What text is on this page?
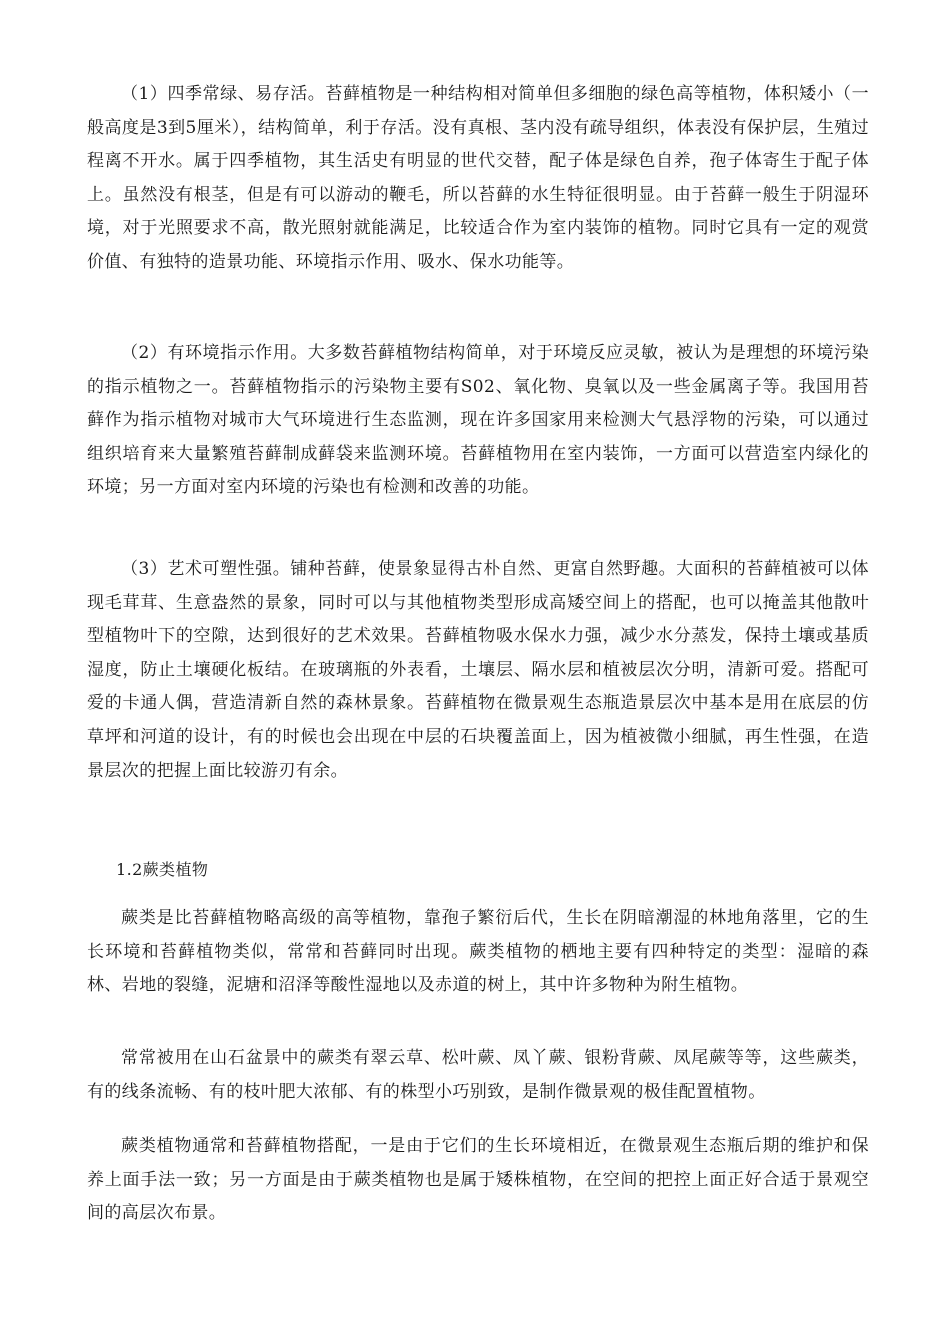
（1）四季常绿、易存活。苔藓植物是一种结构相对简单但多细胞的绿色高等植物，体积矮小（一般高度是3到5厘米），结构简单，利于存活。没有真根、茎内没有疏导组织，体表没有保护层，生殖过程离不开水。属于四季植物，其生活史有明显的世代交替，配子体是绿色自养，孢子体寄生于配子体上。虽然没有根茎，但是有可以游动的鞭毛，所以苔藓的水生特征很明显。由于苔藓一般生于阴湿环境，对于光照要求不高，散光照射就能满足，比较适合作为室内装饰的植物。同时它具有一定的观赏价值、有独特的造景功能、环境指示作用、吸水、保水功能等。

（2）有环境指示作用。大多数苔藓植物结构简单，对于环境反应灵敏，被认为是理想的环境污染的指示植物之一。苔藓植物指示的污染物主要有S02、氧化物、臭氧以及一些金属离子等。我国用苔藓作为指示植物对城市大气环境进行生态监测，现在许多国家用来检测大气悬浮物的污染，可以通过组织培育来大量繁殖苔藓制成藓袋来监测环境。苔藓植物用在室内装饰，一方面可以营造室内绿化的环境；另一方面对室内环境的污染也有检测和改善的功能。

（3）艺术可塑性强。铺种苔藓，使景象显得古朴自然、更富自然野趣。大面积的苔藓植被可以体现毛茸茸、生意盎然的景象，同时可以与其他植物类型形成高矮空间上的搭配，也可以掩盖其他散叶型植物叶下的空隙，达到很好的艺术效果。苔藓植物吸水保水力强，减少水分蒸发，保持土壤或基质湿度，防止土壤硬化板结。在玻璃瓶的外表看，土壤层、隔水层和植被层次分明，清新可爱。搭配可爱的卡通人偶，营造清新自然的森林景象。苔藓植物在微景观生态瓶造景层次中基本是用在底层的仿草坪和河道的设计，有的时候也会出现在中层的石块覆盖面上，因为植被微小细腻，再生性强，在造景层次的把握上面比较游刃有余。

1.2蕨类植物

蕨类是比苔藓植物略高级的高等植物，靠孢子繁衍后代，生长在阴暗潮湿的林地角落里，它的生长环境和苔藓植物类似，常常和苔藓同时出现。蕨类植物的栖地主要有四种特定的类型：湿暗的森林、岩地的裂缝，泥塘和沼泽等酸性湿地以及赤道的树上，其中许多物种为附生植物。

常常被用在山石盆景中的蕨类有翠云草、松叶蕨、凤丫蕨、银粉背蕨、凤尾蕨等等，这些蕨类，有的线条流畅、有的枝叶肥大浓郁、有的株型小巧别致，是制作微景观的极佳配置植物。

蕨类植物通常和苔藓植物搭配，一是由于它们的生长环境相近，在微景观生态瓶后期的维护和保养上面手法一致；另一方面是由于蕨类植物也是属于矮株植物，在空间的把控上面正好合适于景观空间的高层次布景。
